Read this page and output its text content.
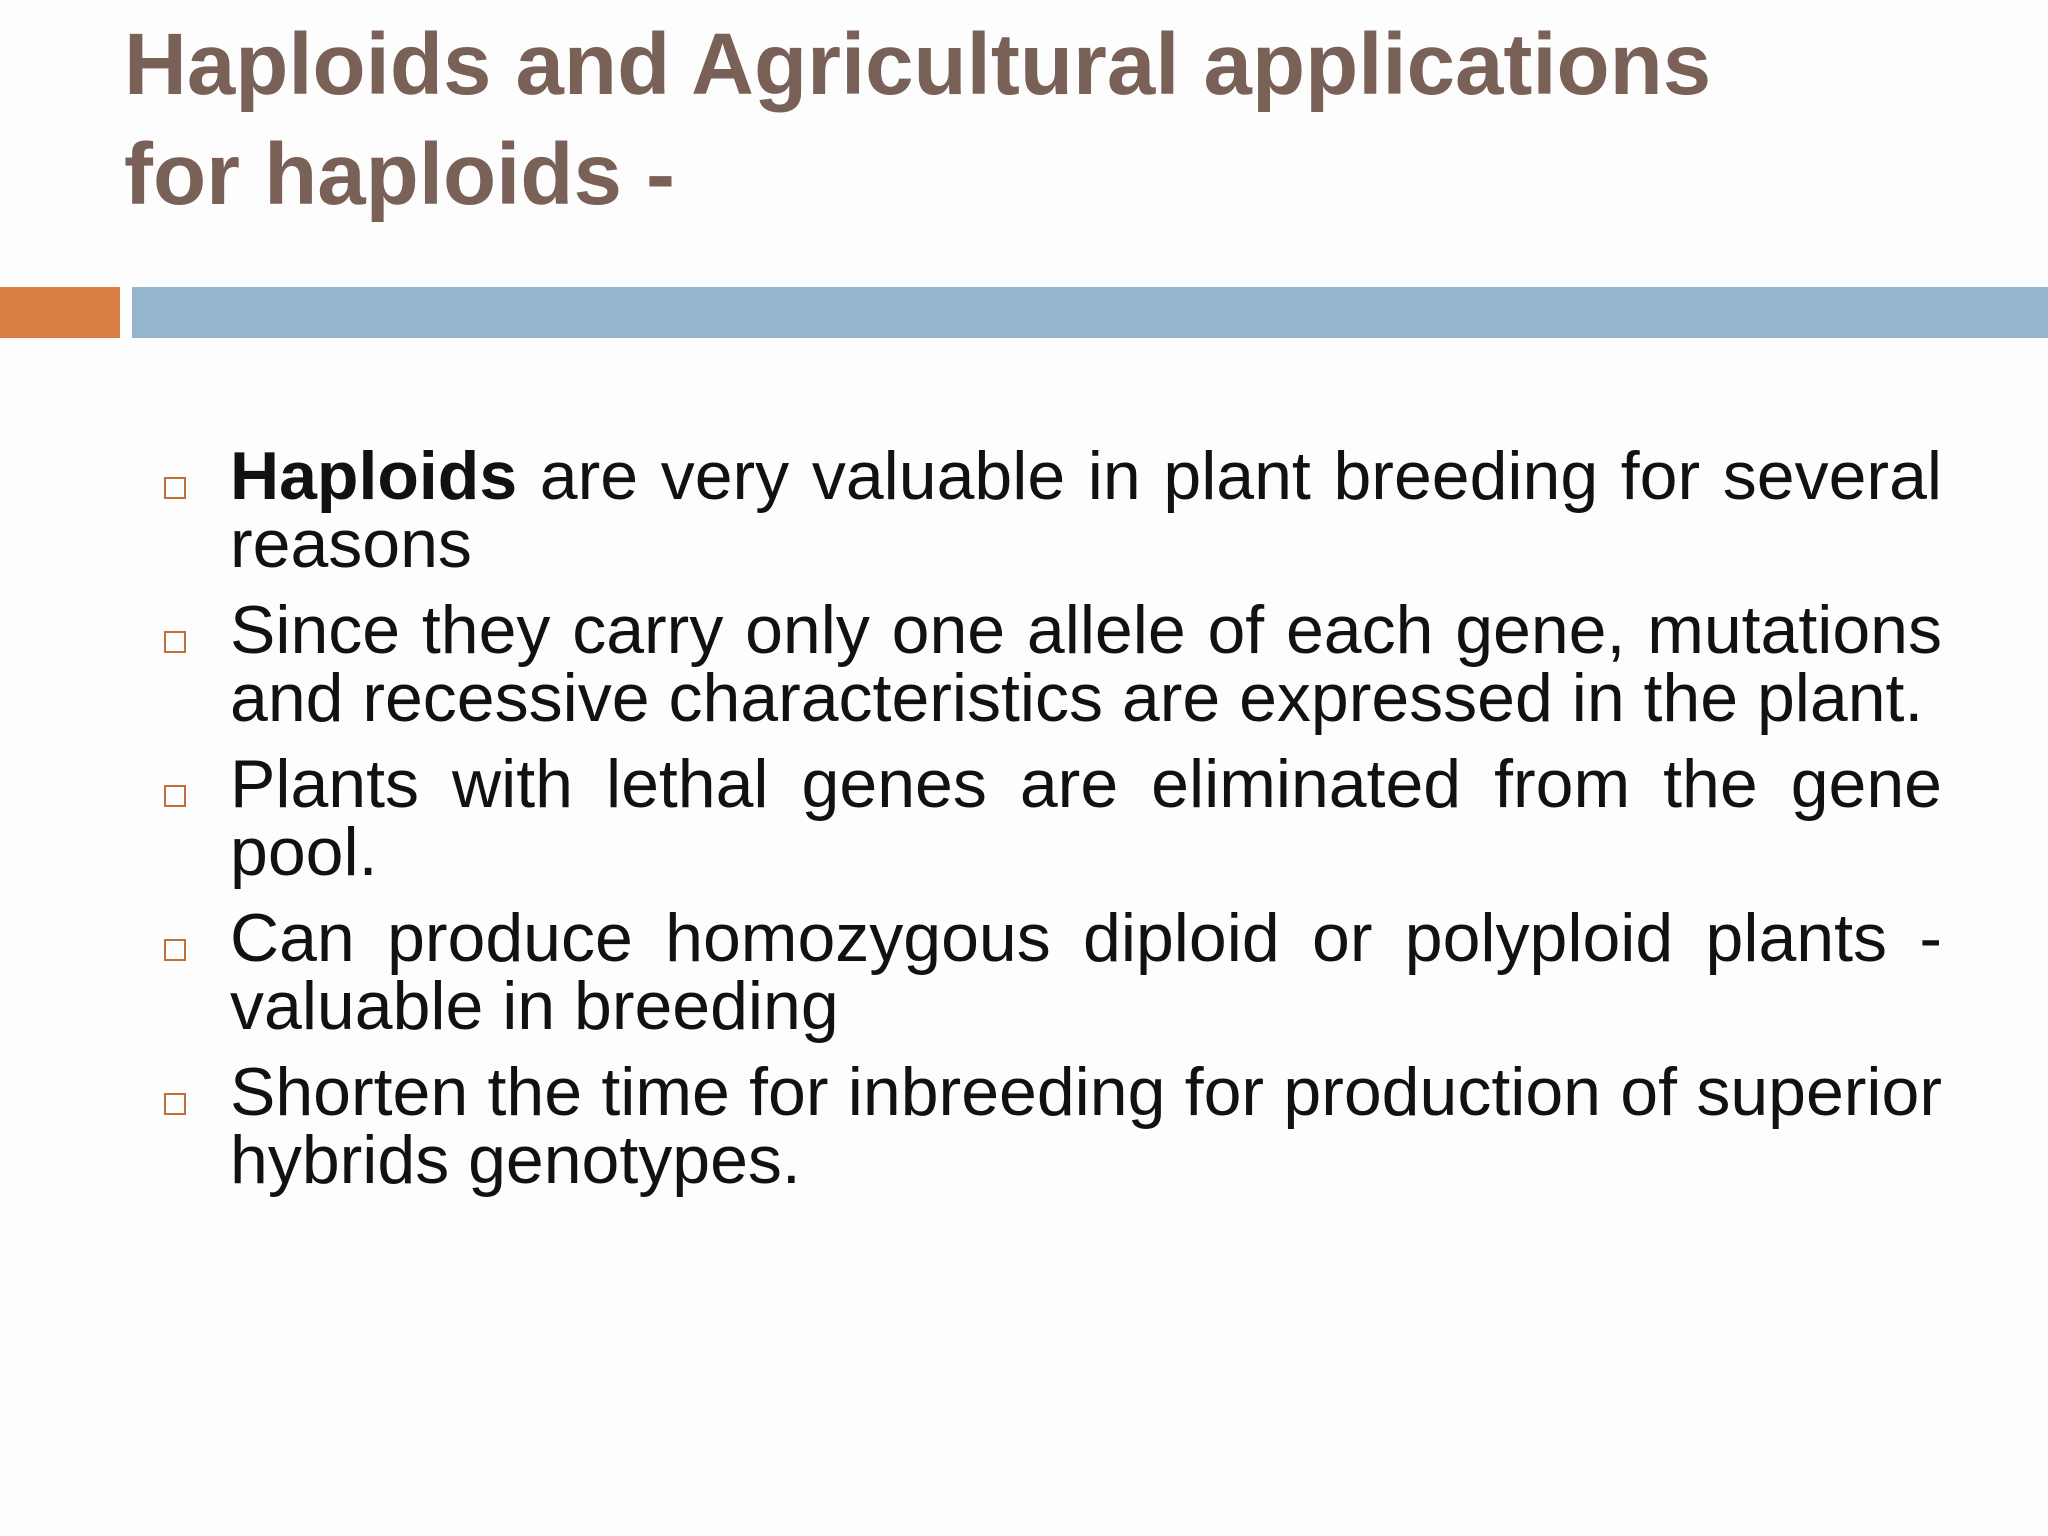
Haploids and Agricultural applications

for haploids -

Haploids are very valuable in plant breeding for several reasons
Since they carry only one allele of each gene, mutations and recessive characteristics are expressed in the plant.
Plants with lethal genes are eliminated from the gene pool.
Can produce homozygous diploid or polyploid plants - valuable in breeding
Shorten the time for inbreeding for production of superior hybrids genotypes.
